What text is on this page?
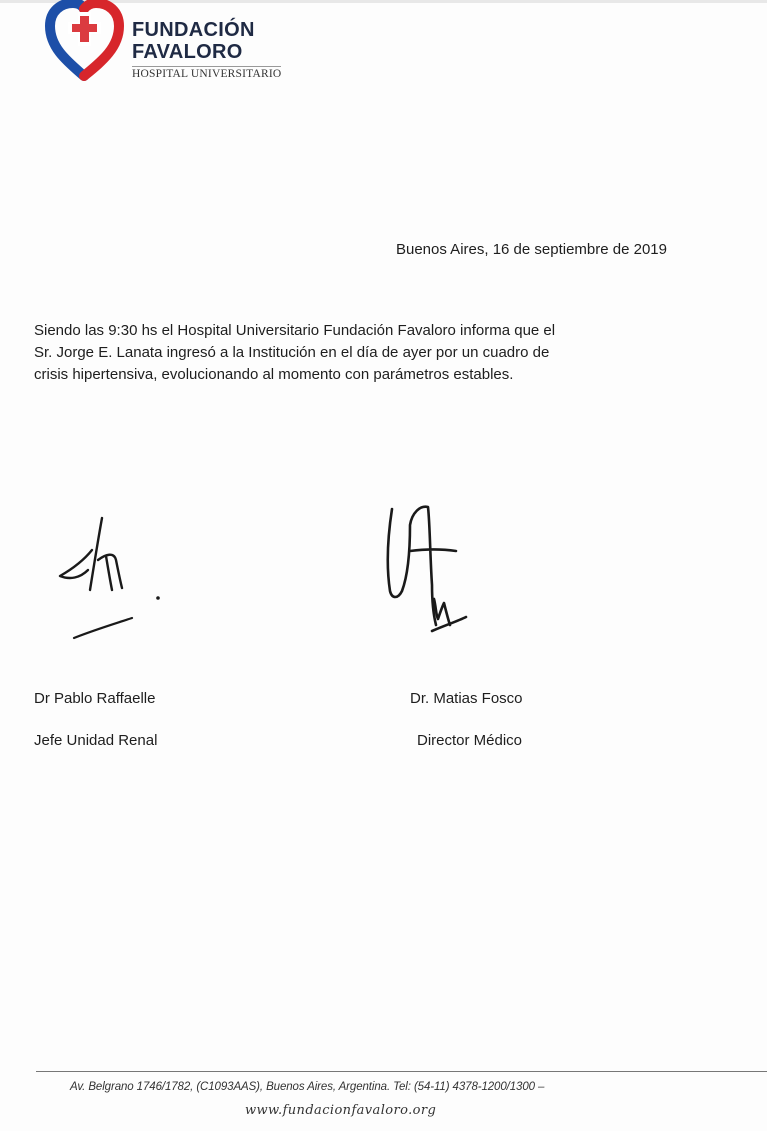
FUNDACIÓN
FAVALORO
HOSPITAL UNIVERSITARIO
Buenos Aires, 16 de septiembre de 2019
Siendo las 9:30 hs el Hospital Universitario Fundación Favaloro informa que el
Sr. Jorge E. Lanata ingresó a la Institución en el día de ayer por un cuadro de
crisis hipertensiva, evolucionando al momento con parámetros estables.
Dr Pablo Raffaelle
Jefe Unidad Renal
Dr. Matias Fosco
Director Médico
Av. Belgrano 1746/1782, (C1093AAS), Buenos Aires, Argentina. Tel: (54-11) 4378-1200/1300 –
www.fundacionfavaloro.org
